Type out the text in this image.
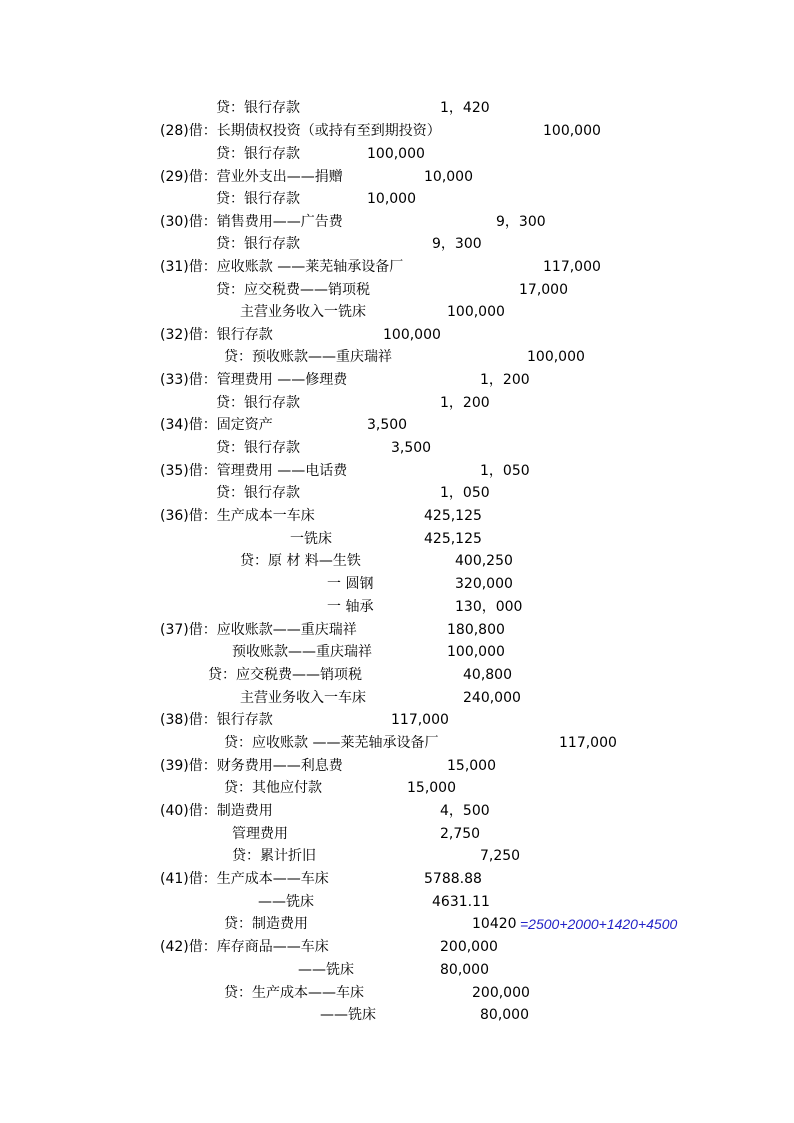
贷：银行存款	1，420
(28)借：长期债权投资（或持有至到期投资）	100,000
贷：银行存款	100,000
(29)借：营业外支出——捐赠	10,000
贷：银行存款	10,000
(30)借：销售费用——广告费	9，300
贷：银行存款	9，300
(31)借：应收账款 ——莱芜轴承设备厂	117,000
贷：应交税费——销项税	17,000
主营业务收入一铣床	100,000
(32)借：银行存款	100,000
贷：预收账款——重庆瑞祥	100,000
(33)借：管理费用 ——修理费	1，200
贷：银行存款	1，200
(34)借：固定资产	3,500
贷：银行存款	3,500
(35)借：管理费用 ——电话费	1，050
贷：银行存款	1，050
(36)借：生产成本一车床	425,125
一铣床	425,125
贷：原 材 料—生铁	400,250
一 圆钢	320,000
一 轴承	130，000
(37)借：应收账款——重庆瑞祥	180,800
预收账款——重庆瑞祥	100,000
贷：应交税费——销项税	40,800
主营业务收入一车床	240,000
(38)借：银行存款	117,000
贷：应收账款 ——莱芜轴承设备厂	117,000
(39)借：财务费用——利息费	15,000
贷：其他应付款	15,000
(40)借：制造费用	4，500
管理费用	2,750
贷：累计折旧	7,250
(41)借：生产成本——车床	5788.88
——铣床	4631.11
贷：制造费用	10420 =2500+2000+1420+4500
(42)借：库存商品——车床	200,000
——铣床	80,000
贷：生产成本——车床	200,000
——铣床	80,000
